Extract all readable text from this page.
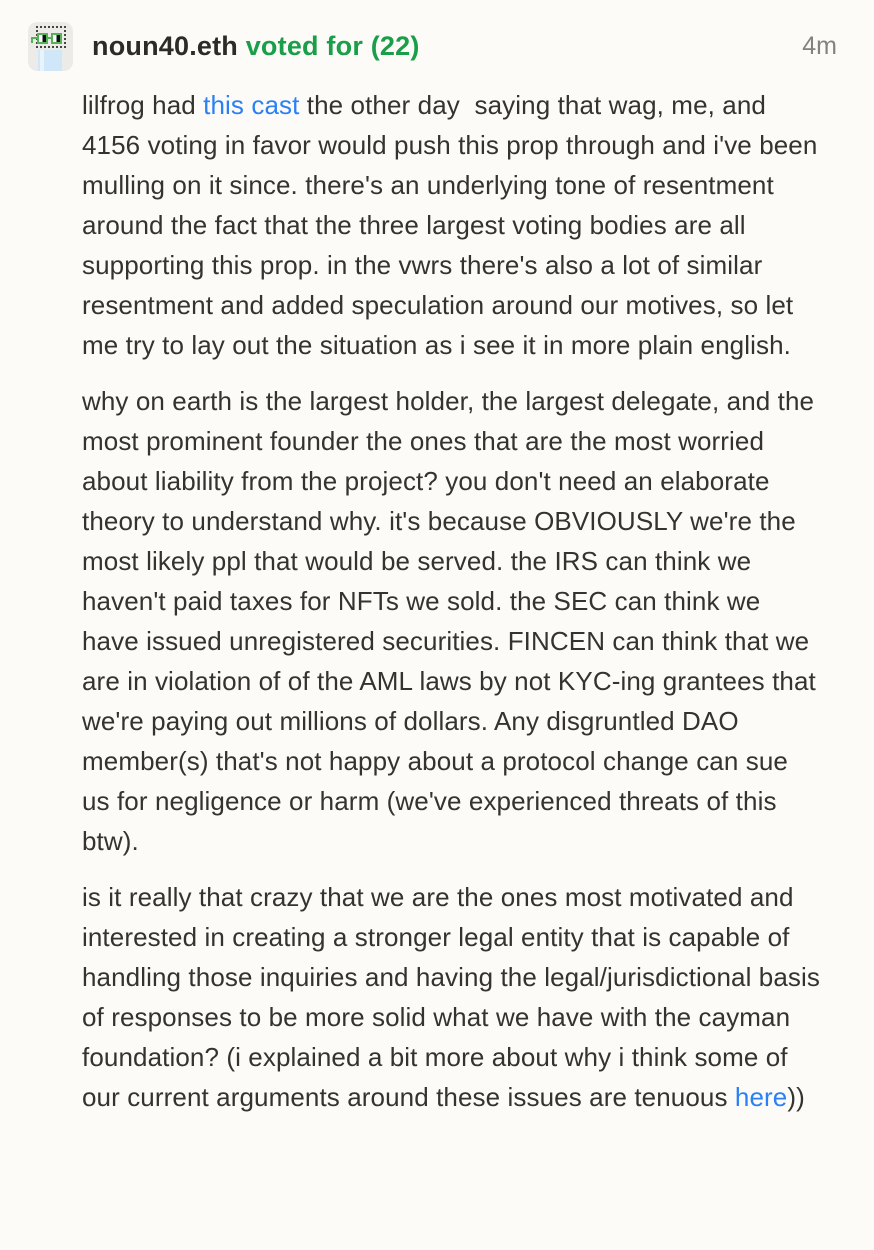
noun40.eth voted for (22)	4m

lilfrog had this cast the other day  saying that wag, me, and 4156 voting in favor would push this prop through and i've been mulling on it since. there's an underlying tone of resentment around the fact that the three largest voting bodies are all supporting this prop. in the vwrs there's also a lot of similar resentment and added speculation around our motives, so let me try to lay out the situation as i see it in more plain english.

why on earth is the largest holder, the largest delegate, and the most prominent founder the ones that are the most worried about liability from the project? you don't need an elaborate theory to understand why. it's because OBVIOUSLY we're the most likely ppl that would be served. the IRS can think we haven't paid taxes for NFTs we sold. the SEC can think we have issued unregistered securities. FINCEN can think that we are in violation of of the AML laws by not KYC-ing grantees that we're paying out millions of dollars. Any disgruntled DAO member(s) that's not happy about a protocol change can sue us for negligence or harm (we've experienced threats of this btw).

is it really that crazy that we are the ones most motivated and interested in creating a stronger legal entity that is capable of handling those inquiries and having the legal/jurisdictional basis of responses to be more solid what we have with the cayman foundation? (i explained a bit more about why i think some of our current arguments around these issues are tenuous here))
